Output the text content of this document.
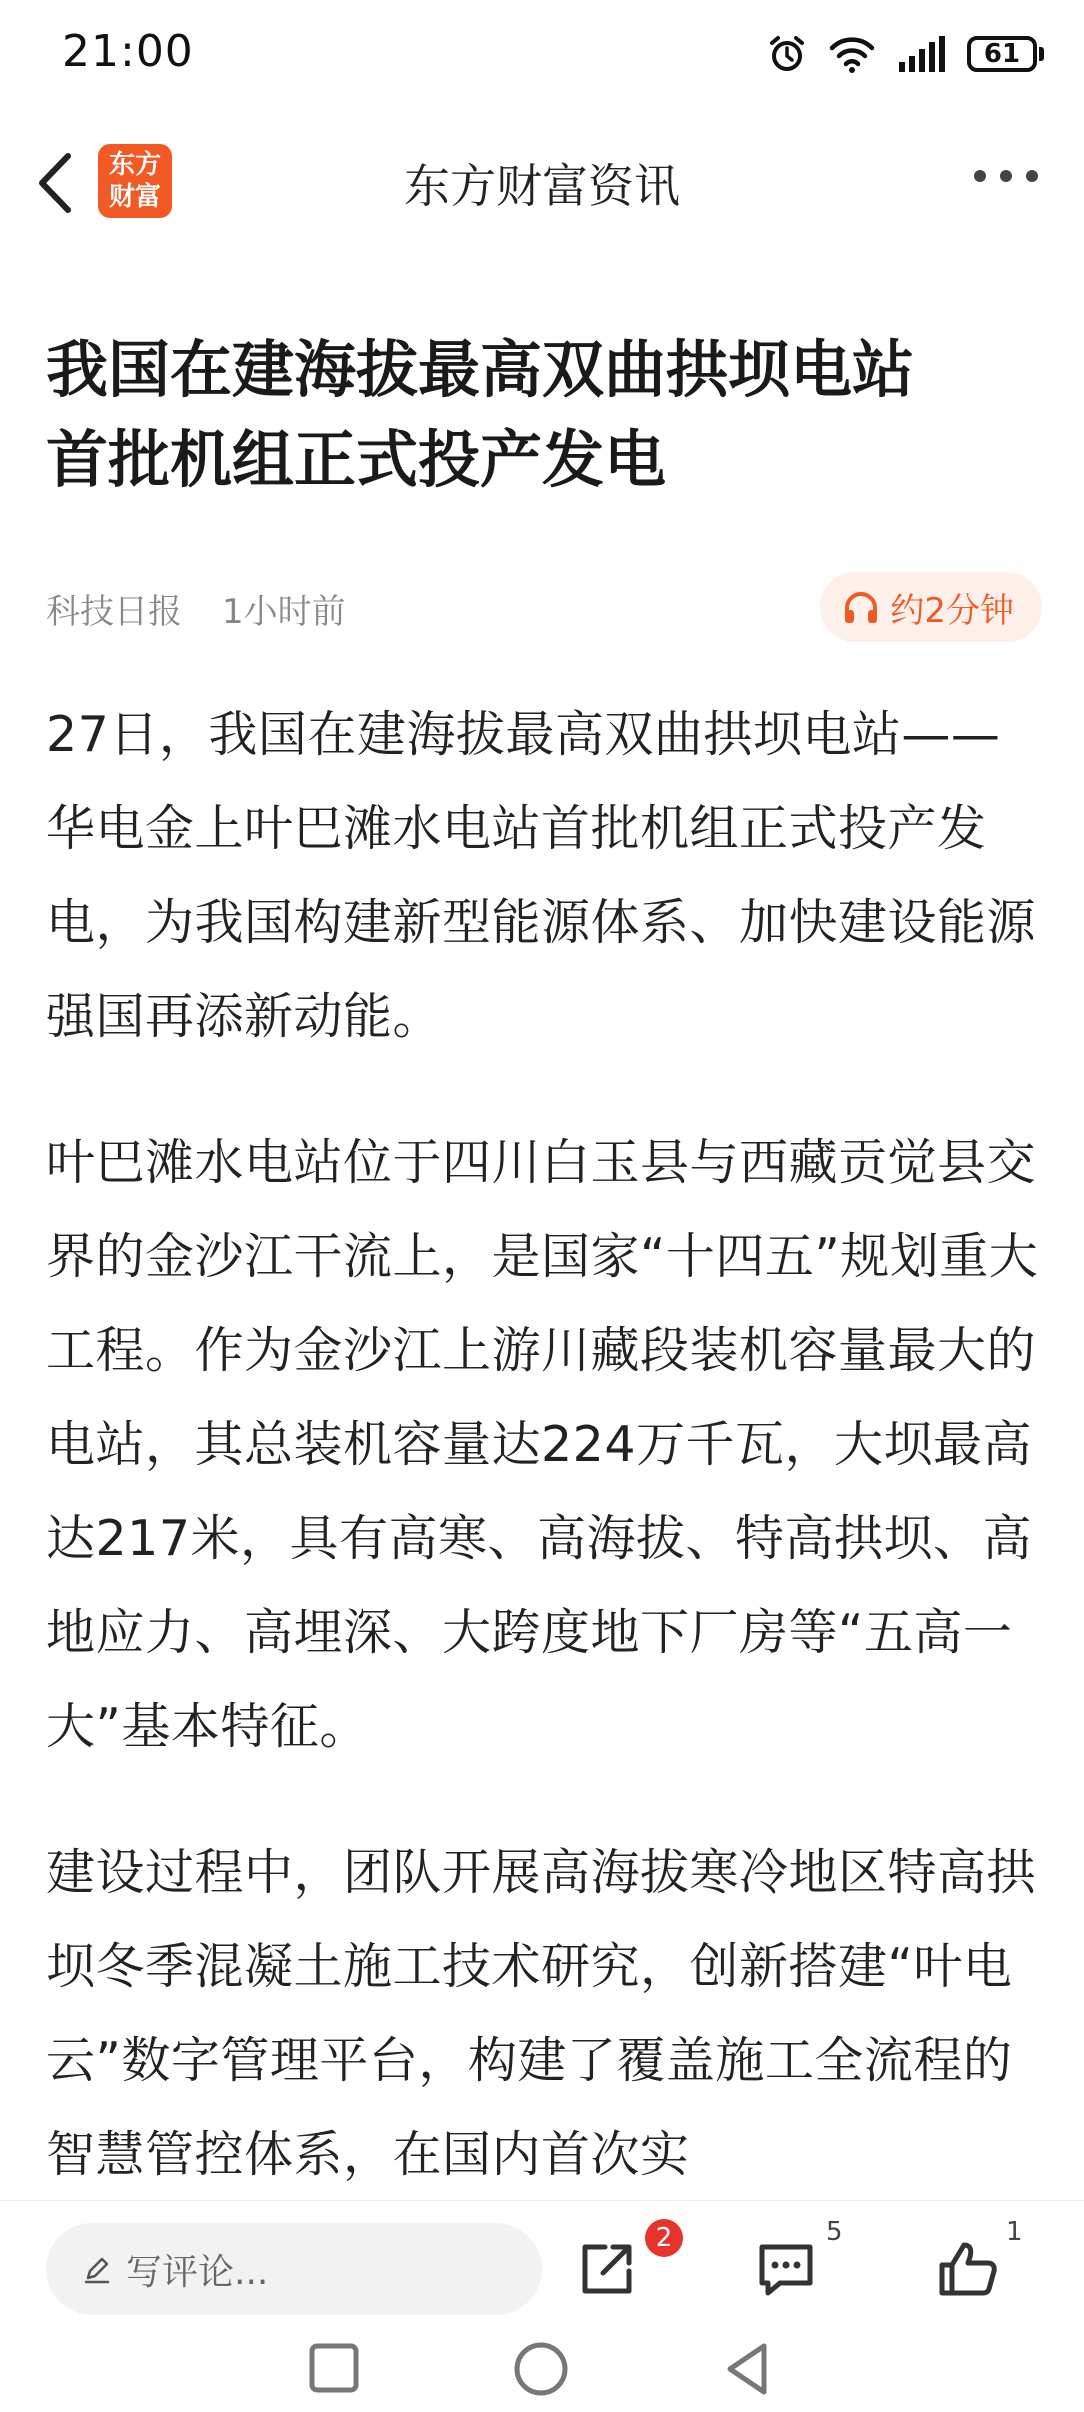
21:00	61
东方
财富	东方财富资讯
我国在建海拔最高双曲拱坝电站
首批机组正式投产发电
科技日报 1小时前	约2分钟

27日，我国在建海拔最高双曲拱坝电站——华电金上叶巴滩水电站首批机组正式投产发电，为我国构建新型能源体系、加快建设能源强国再添新动能。

叶巴滩水电站位于四川白玉县与西藏贡觉县交界的金沙江干流上，是国家“十四五”规划重大工程。作为金沙江上游川藏段装机容量最大的电站，其总装机容量达224万千瓦，大坝最高达217米，具有高寒、高海拔、特高拱坝、高地应力、高埋深、大跨度地下厂房等“五高一大”基本特征。

建设过程中，团队开展高海拔寒冷地区特高拱坝冬季混凝土施工技术研究，创新搭建“叶电云”数字管理平台，构建了覆盖施工全流程的智慧管控体系，在国内首次实

写评论...
2	5	1
